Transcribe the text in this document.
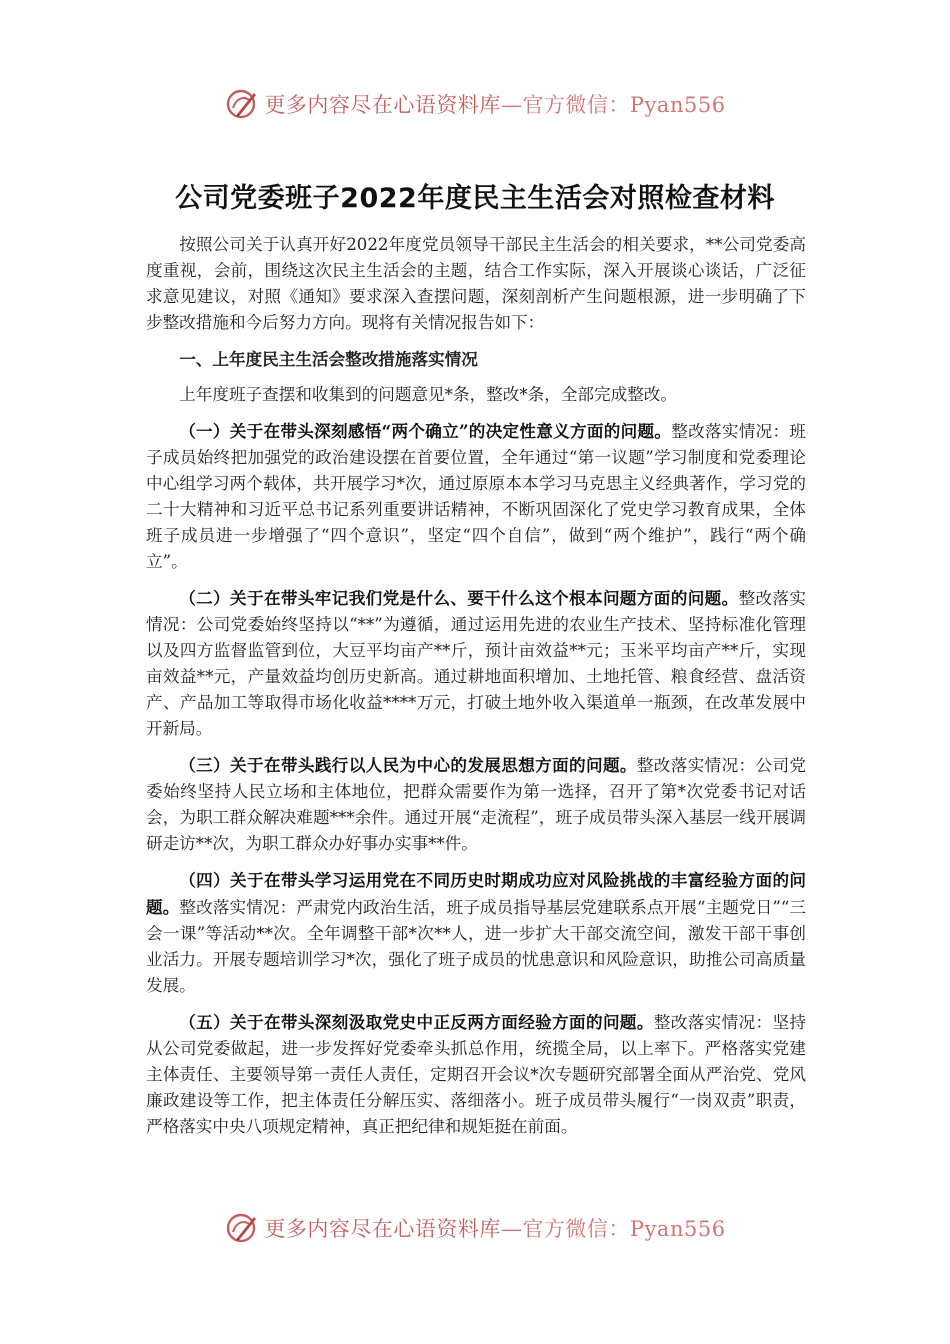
更多内容尽在心语资料库—官方微信：Pyan556
公司党委班子2022年度民主生活会对照检查材料

按照公司关于认真开好2022年度党员领导干部民主生活会的相关要求，**公司党委高度重视，会前，围绕这次民主生活会的主题，结合工作实际，深入开展谈心谈话，广泛征求意见建议，对照《通知》要求深入查摆问题，深刻剖析产生问题根源，进一步明确了下步整改措施和今后努力方向。现将有关情况报告如下：

一、上年度民主生活会整改措施落实情况

上年度班子查摆和收集到的问题意见*条，整改*条，全部完成整改。

（一）关于在带头深刻感悟“两个确立”的决定性意义方面的问题。整改落实情况：班子成员始终把加强党的政治建设摆在首要位置，全年通过“第一议题”学习制度和党委理论中心组学习两个载体，共开展学习*次，通过原原本本学习马克思主义经典著作，学习党的二十大精神和习近平总书记系列重要讲话精神，不断巩固深化了党史学习教育成果，全体班子成员进一步增强了“四个意识”，坚定“四个自信”，做到“两个维护”，践行“两个确立”。

（二）关于在带头牢记我们党是什么、要干什么这个根本问题方面的问题。整改落实情况：公司党委始终坚持以“**”为遵循，通过运用先进的农业生产技术、坚持标准化管理以及四方监督监管到位，大豆平均亩产**斤，预计亩效益**元；玉米平均亩产**斤，实现亩效益**元，产量效益均创历史新高。通过耕地面积增加、土地托管、粮食经营、盘活资产、产品加工等取得市场化收益****万元，打破土地外收入渠道单一瓶颈，在改革发展中开新局。

（三）关于在带头践行以人民为中心的发展思想方面的问题。整改落实情况：公司党委始终坚持人民立场和主体地位，把群众需要作为第一选择，召开了第*次党委书记对话会，为职工群众解决难题***余件。通过开展“走流程”，班子成员带头深入基层一线开展调研走访**次，为职工群众办好事办实事**件。

（四）关于在带头学习运用党在不同历史时期成功应对风险挑战的丰富经验方面的问题。整改落实情况：严肃党内政治生活，班子成员指导基层党建联系点开展“主题党日”“三会一课”等活动**次。全年调整干部*次**人，进一步扩大干部交流空间，激发干部干事创业活力。开展专题培训学习*次，强化了班子成员的忧患意识和风险意识，助推公司高质量发展。

（五）关于在带头深刻汲取党史中正反两方面经验方面的问题。整改落实情况：坚持从公司党委做起，进一步发挥好党委牵头抓总作用，统揽全局，以上率下。严格落实党建主体责任、主要领导第一责任人责任，定期召开会议*次专题研究部署全面从严治党、党风廉政建设等工作，把主体责任分解压实、落细落小。班子成员带头履行“一岗双责”职责，严格落实中央八项规定精神，真正把纪律和规矩挺在前面。

更多内容尽在心语资料库—官方微信：Pyan556
